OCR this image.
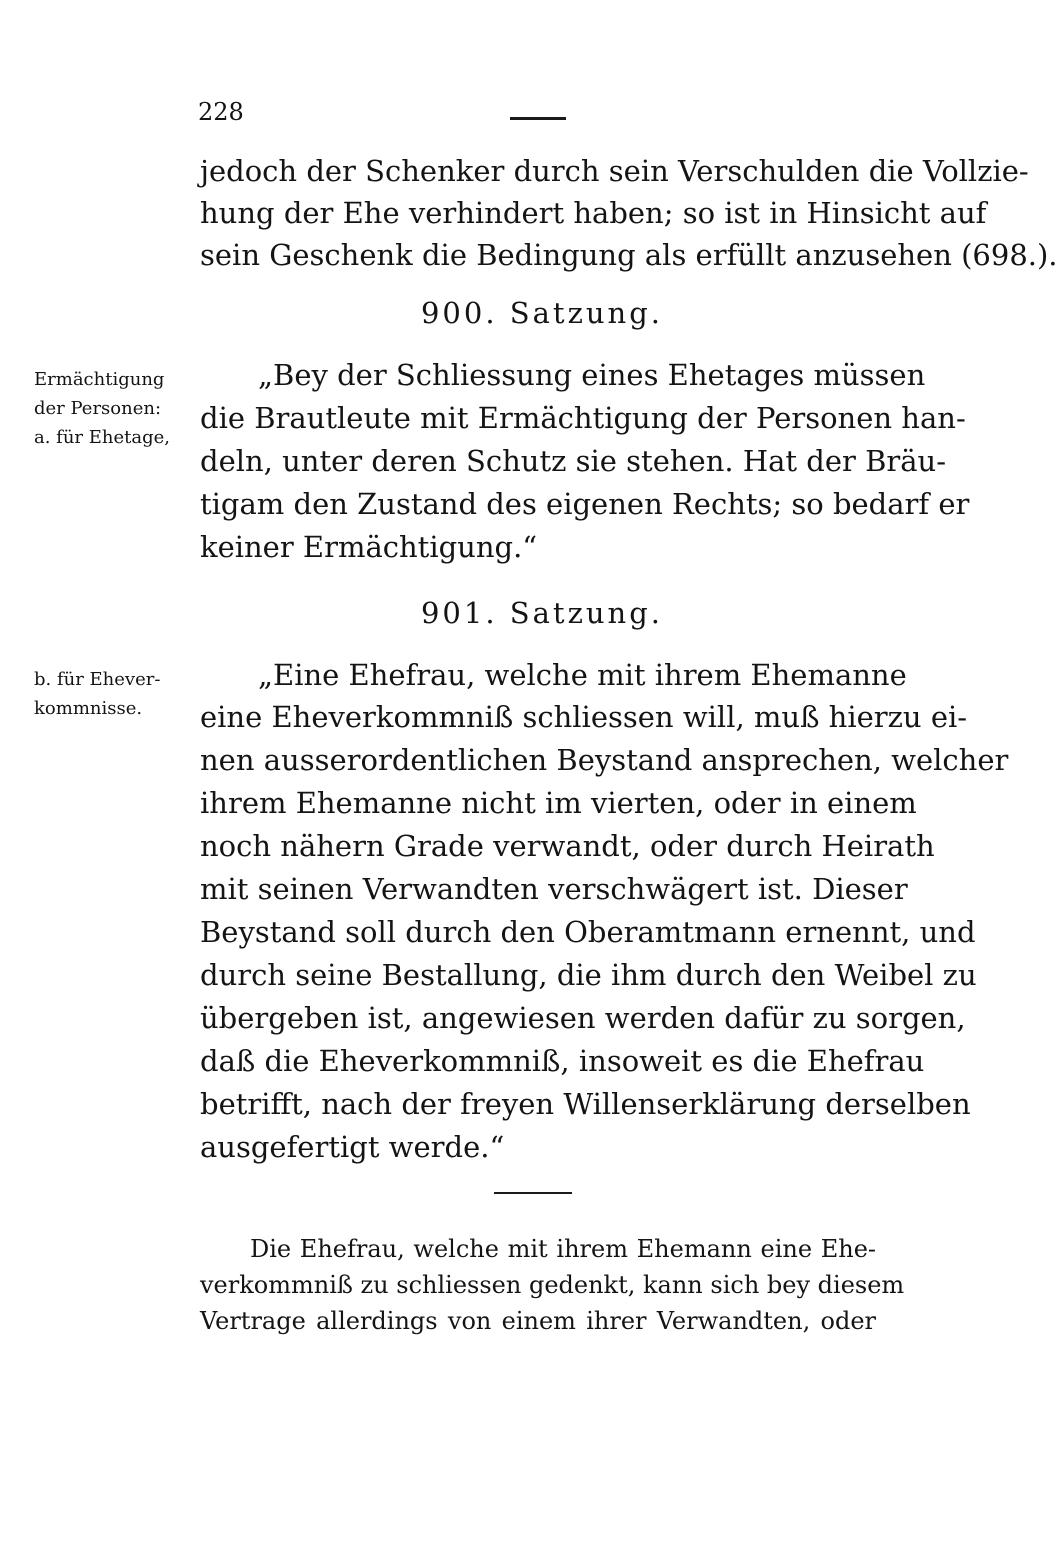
228
jedoch der Schenker durch sein Verschulden die Vollzie-
hung der Ehe verhindert haben; so ist in Hinsicht auf
sein Geschenk die Bedingung als erfüllt anzusehen (698.).
900. Satzung.
Ermächtigung
der Personen:
a. für Ehetage,
„Bey der Schliessung eines Ehetages müssen
die Brautleute mit Ermächtigung der Personen han-
deln, unter deren Schutz sie stehen. Hat der Bräu-
tigam den Zustand des eigenen Rechts; so bedarf er
keiner Ermächtigung.“
901. Satzung.
b. für Ehever-
kommnisse.
„Eine Ehefrau, welche mit ihrem Ehemanne
eine Eheverkommniß schliessen will, muß hierzu ei-
nen ausserordentlichen Beystand ansprechen, welcher
ihrem Ehemanne nicht im vierten, oder in einem
noch nähern Grade verwandt, oder durch Heirath
mit seinen Verwandten verschwägert ist. Dieser
Beystand soll durch den Oberamtmann ernennt, und
durch seine Bestallung, die ihm durch den Weibel zu
übergeben ist, angewiesen werden dafür zu sorgen,
daß die Eheverkommniß, insoweit es die Ehefrau
betrifft, nach der freyen Willenserklärung derselben
ausgefertigt werde.“
Die Ehefrau, welche mit ihrem Ehemann eine Ehe-
verkommniß zu schliessen gedenkt, kann sich bey diesem
Vertrage allerdings von einem ihrer Verwandten, oder
